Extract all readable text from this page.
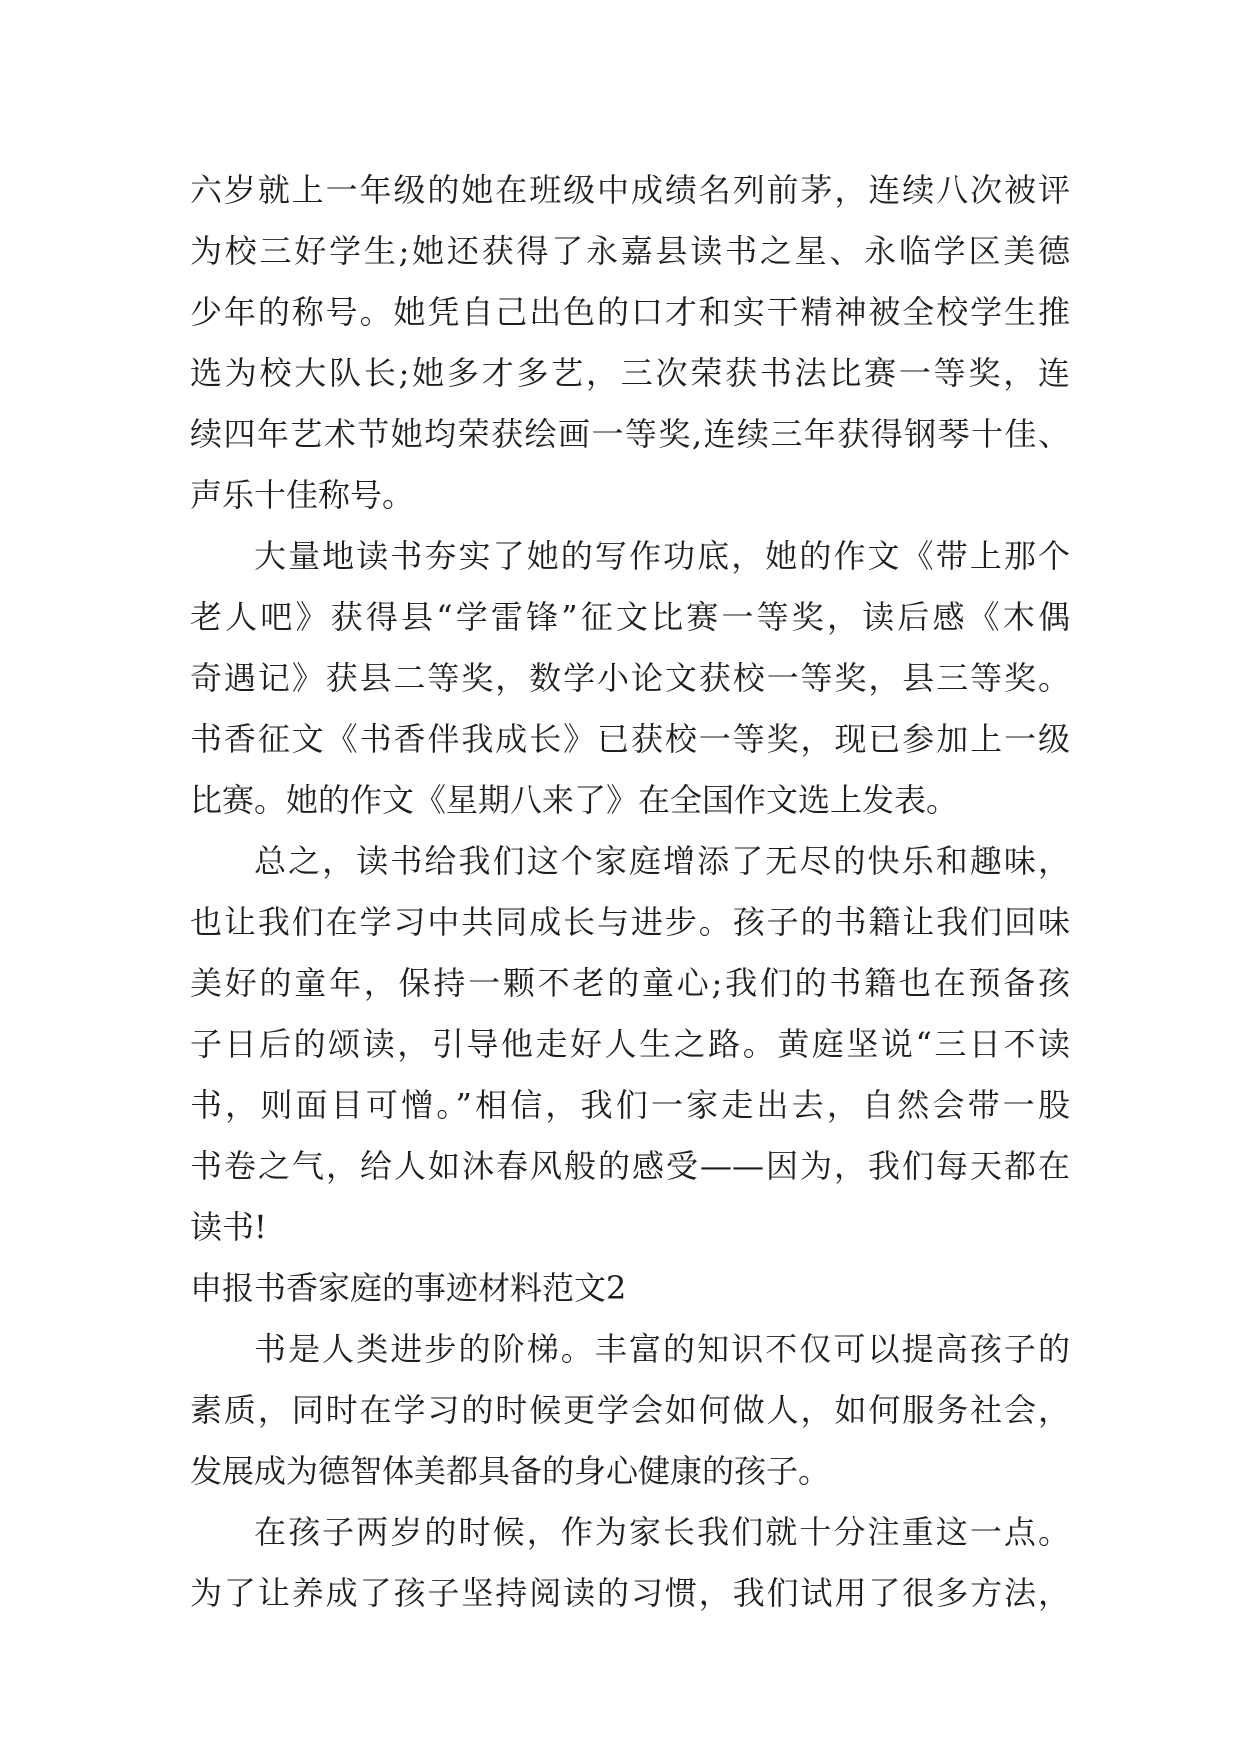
六岁就上一年级的她在班级中成绩名列前茅，连续八次被评
为校三好学生;她还获得了永嘉县读书之星、永临学区美德
少年的称号。她凭自己出色的口才和实干精神被全校学生推
选为校大队长;她多才多艺，三次荣获书法比赛一等奖，连
续四年艺术节她均荣获绘画一等奖,连续三年获得钢琴十佳、
声乐十佳称号。
大量地读书夯实了她的写作功底，她的作文《带上那个
老人吧》获得县“学雷锋”征文比赛一等奖，读后感《木偶
奇遇记》获县二等奖，数学小论文获校一等奖，县三等奖。
书香征文《书香伴我成长》已获校一等奖，现已参加上一级
比赛。她的作文《星期八来了》在全国作文选上发表。
总之，读书给我们这个家庭增添了无尽的快乐和趣味，
也让我们在学习中共同成长与进步。孩子的书籍让我们回味
美好的童年，保持一颗不老的童心;我们的书籍也在预备孩
子日后的颂读，引导他走好人生之路。黄庭坚说“三日不读
书，则面目可憎。”相信，我们一家走出去，自然会带一股
书卷之气，给人如沐春风般的感受——因为，我们每天都在
读书!
申报书香家庭的事迹材料范文2
书是人类进步的阶梯。丰富的知识不仅可以提高孩子的
素质，同时在学习的时候更学会如何做人，如何服务社会，
发展成为德智体美都具备的身心健康的孩子。
在孩子两岁的时候，作为家长我们就十分注重这一点。
为了让养成了孩子坚持阅读的习惯，我们试用了很多方法，
